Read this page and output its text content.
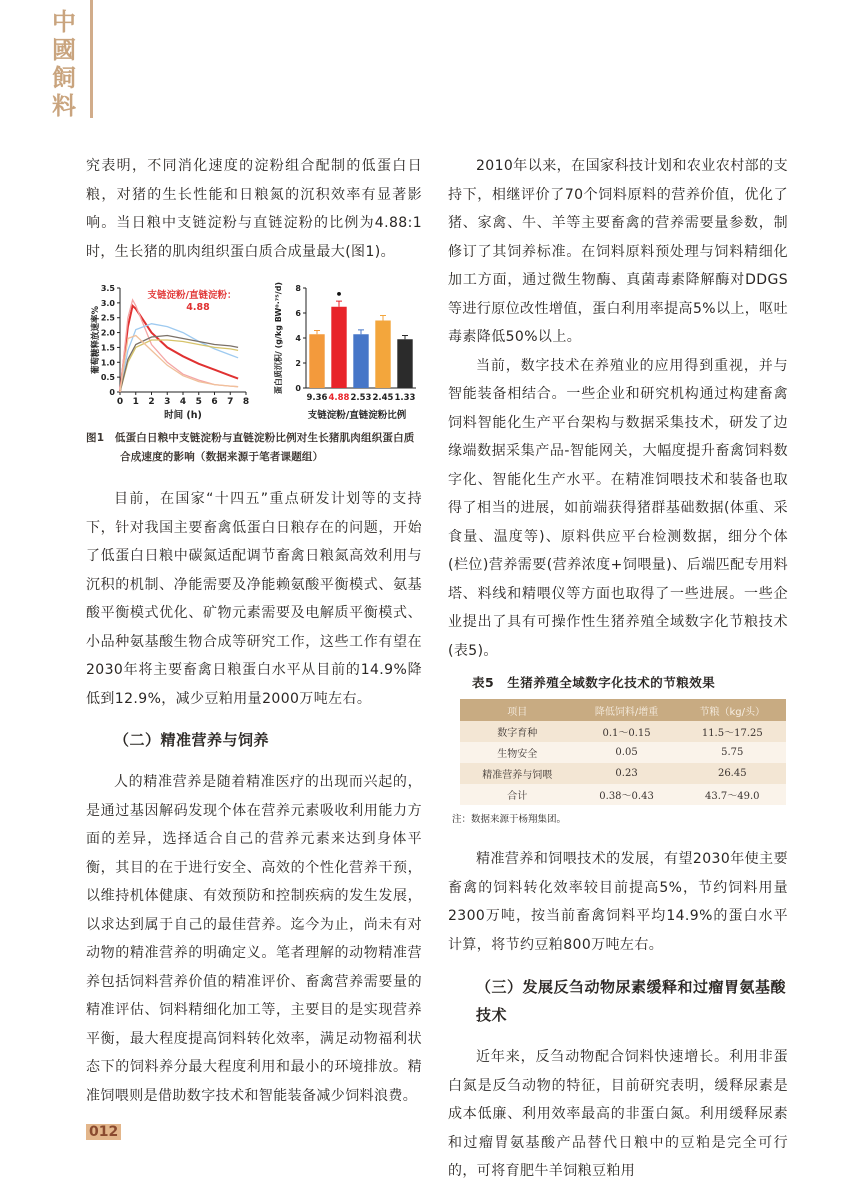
中國飼料

究表明，不同消化速度的淀粉组合配制的低蛋白日粮，对猪的生长性能和日粮氮的沉积效率有显著影响。当日粮中支链淀粉与直链淀粉的比例为4.88:1时，生长猪的肌肉组织蛋白质合成量最大(图1)。

0 1 2 3 4 5 6 7 8
0
0.5
1.0
1.5
2.0
2.5
3.0
3.5
支链淀粉/直链淀粉：
4.88
时间 (h)
葡萄糖释放速率%
0
2
4
6
8
9.36 4.88
•
2.53 2.45 1.33
支链淀粉/直链淀粉比例
蛋白质沉积/ (g/kg BW⁰·⁷⁵/d)

图1　低蛋白日粮中支链淀粉与直链淀粉比例对生长猪肌肉组织蛋白质合成速度的影响（数据来源于笔者课题组）

目前，在国家“十四五”重点研发计划等的支持下，针对我国主要畜禽低蛋白日粮存在的问题，开始了低蛋白日粮中碳氮适配调节畜禽日粮氮高效利用与沉积的机制、净能需要及净能赖氨酸平衡模式、氨基酸平衡模式优化、矿物元素需要及电解质平衡模式、小品种氨基酸生物合成等研究工作，这些工作有望在2030年将主要畜禽日粮蛋白水平从目前的14.9%降低到12.9%，减少豆粕用量2000万吨左右。

（二）精准营养与饲养

人的精准营养是随着精准医疗的出现而兴起的，是通过基因解码发现个体在营养元素吸收利用能力方面的差异，选择适合自己的营养元素来达到身体平衡，其目的在于进行安全、高效的个性化营养干预，以维持机体健康、有效预防和控制疾病的发生发展，以求达到属于自己的最佳营养。迄今为止，尚未有对动物的精准营养的明确定义。笔者理解的动物精准营养包括饲料营养价值的精准评价、畜禽营养需要量的精准评估、饲料精细化加工等，主要目的是实现营养平衡，最大程度提高饲料转化效率，满足动物福利状态下的饲料养分最大程度利用和最小的环境排放。精准饲喂则是借助数字技术和智能装备减少饲料浪费。

2010年以来，在国家科技计划和农业农村部的支持下，相继评价了70个饲料原料的营养价值，优化了猪、家禽、牛、羊等主要畜禽的营养需要量参数，制修订了其饲养标准。在饲料原料预处理与饲料精细化加工方面，通过微生物酶、真菌毒素降解酶对DDGS等进行原位改性增值，蛋白利用率提高5%以上，呕吐毒素降低50%以上。

当前，数字技术在养殖业的应用得到重视，并与智能装备相结合。一些企业和研究机构通过构建畜禽饲料智能化生产平台架构与数据采集技术，研发了边缘端数据采集产品-智能网关，大幅度提升畜禽饲料数字化、智能化生产水平。在精准饲喂技术和装备也取得了相当的进展，如前端获得猪群基础数据(体重、采食量、温度等)、原料供应平台检测数据，细分个体(栏位)营养需要(营养浓度+饲喂量)、后端匹配专用料塔、料线和精喂仪等方面也取得了一些进展。一些企业提出了具有可操作性生猪养殖全域数字化节粮技术(表5)。

表5　生猪养殖全域数字化技术的节粮效果

项目	降低饲料/增重	节粮（kg/头）
数字育种	0.1～0.15	11.5～17.25
生物安全	0.05	5.75
精准营养与饲喂	0.23	26.45
合计	0.38～0.43	43.7～49.0

注：数据来源于杨翔集团。

精准营养和饲喂技术的发展，有望2030年使主要畜禽的饲料转化效率较目前提高5%，节约饲料用量2300万吨，按当前畜禽饲料平均14.9%的蛋白水平计算，将节约豆粕800万吨左右。

（三）发展反刍动物尿素缓释和过瘤胃氨基酸技术

近年来，反刍动物配合饲料快速增长。利用非蛋白氮是反刍动物的特征，目前研究表明，缓释尿素是成本低廉、利用效率最高的非蛋白氮。利用缓释尿素和过瘤胃氨基酸产品替代日粮中的豆粕是完全可行的，可将育肥牛羊饲粮豆粕用

012
